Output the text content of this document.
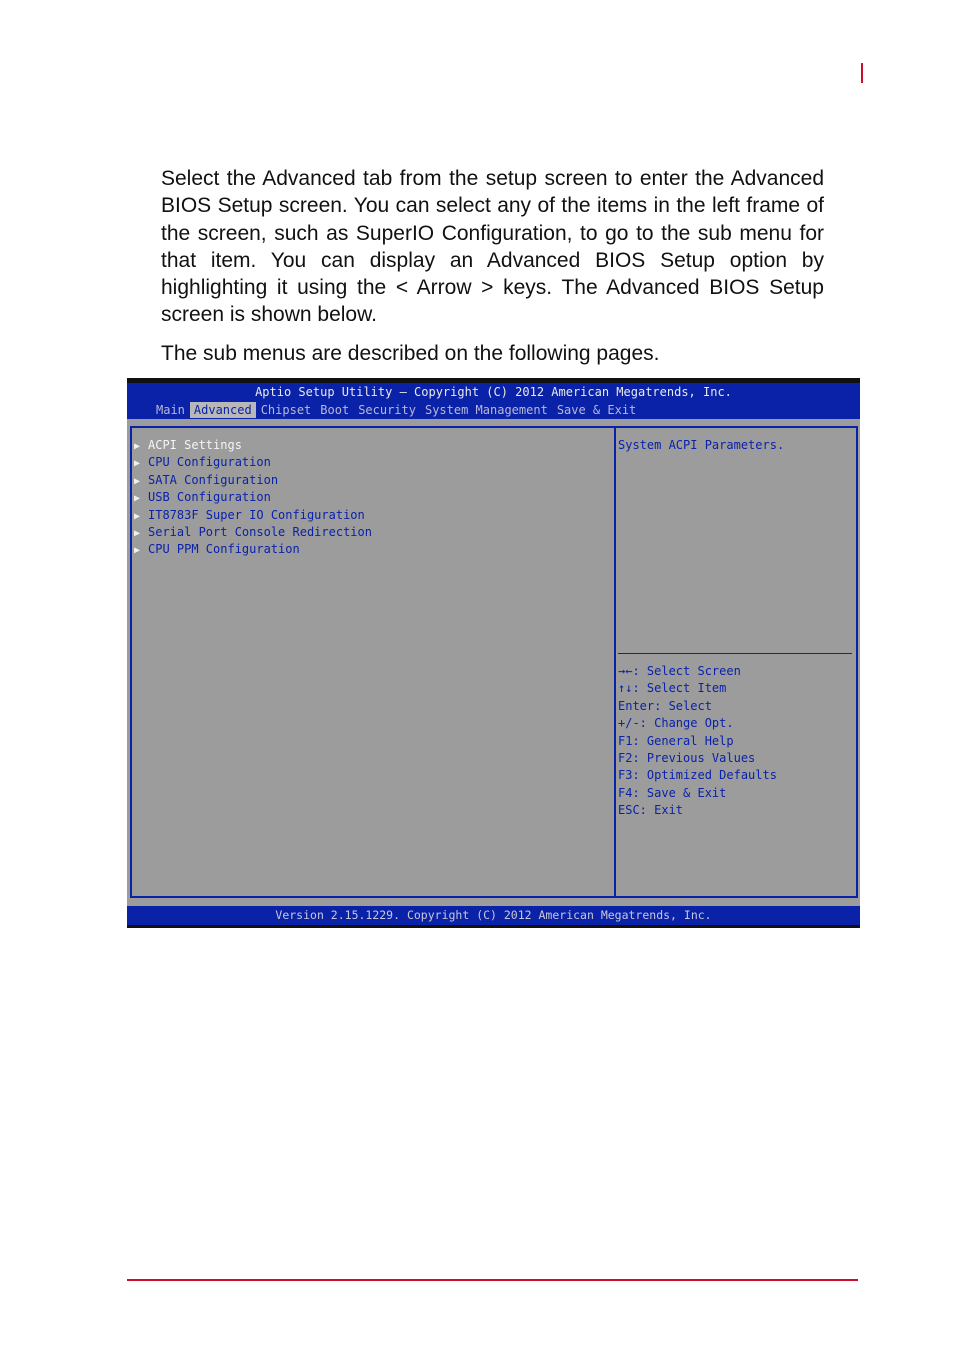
Select the Advanced tab from the setup screen to enter the Advanced BIOS Setup screen. You can select any of the items in the left frame of the screen, such as SuperIO Configuration, to go to the sub menu for that item. You can display an Advanced BIOS Setup option by highlighting it using the < Arrow > keys. The Advanced BIOS Setup screen is shown below.

The sub menus are described on the following pages.

Aptio Setup Utility – Copyright (C) 2012 American Megatrends, Inc.
Main Advanced Chipset Boot Security System Management Save & Exit
▶ ACPI Settings
▶ CPU Configuration
▶ SATA Configuration
▶ USB Configuration
▶ IT8783F Super IO Configuration
▶ Serial Port Console Redirection
▶ CPU PPM Configuration
System ACPI Parameters.
→←: Select Screen
↑↓: Select Item
Enter: Select
+/-: Change Opt.
F1: General Help
F2: Previous Values
F3: Optimized Defaults
F4: Save & Exit
ESC: Exit
Version 2.15.1229. Copyright (C) 2012 American Megatrends, Inc.
